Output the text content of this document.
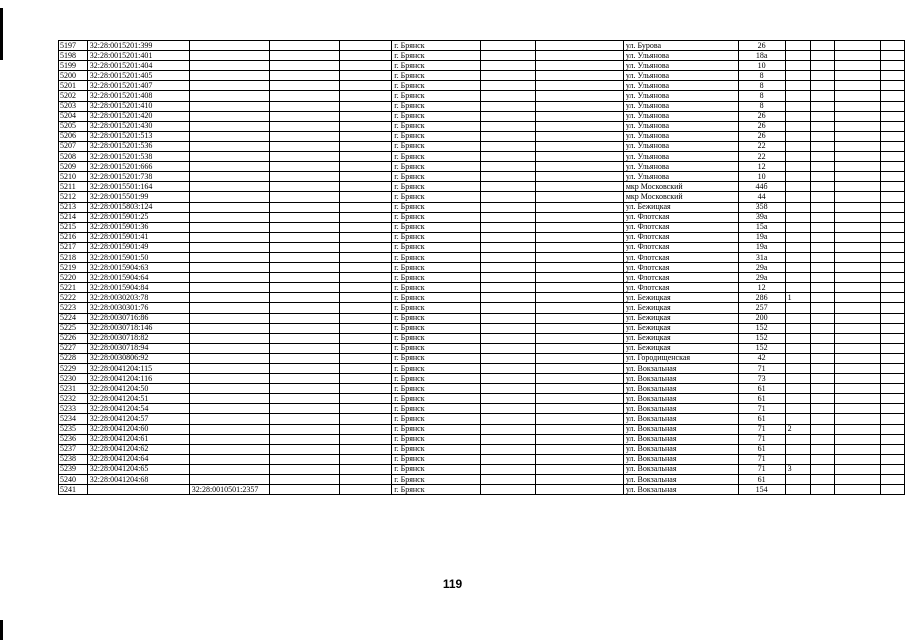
5197	32:28:0015201:399				г. Брянск			ул. Бурова	26				
5198	32:28:0015201:401				г. Брянск			ул. Ульянова	18а				
5199	32:28:0015201:404				г. Брянск			ул. Ульянова	10				
5200	32:28:0015201:405				г. Брянск			ул. Ульянова	8				
5201	32:28:0015201:407				г. Брянск			ул. Ульянова	8				
5202	32:28:0015201:408				г. Брянск			ул. Ульянова	8				
5203	32:28:0015201:410				г. Брянск			ул. Ульянова	8				
5204	32:28:0015201:420				г. Брянск			ул. Ульянова	26				
5205	32:28:0015201:430				г. Брянск			ул. Ульянова	26				
5206	32:28:0015201:513				г. Брянск			ул. Ульянова	26				
5207	32:28:0015201:536				г. Брянск			ул. Ульянова	22				
5208	32:28:0015201:538				г. Брянск			ул. Ульянова	22				
5209	32:28:0015201:666				г. Брянск			ул. Ульянова	12				
5210	32:28:0015201:738				г. Брянск			ул. Ульянова	10				
5211	32:28:0015501:164				г. Брянск			мкр Московский	44б				
5212	32:28:0015501:99				г. Брянск			мкр Московский	44				
5213	32:28:0015803:124				г. Брянск			ул. Бежицкая	358				
5214	32:28:0015901:25				г. Брянск			ул. Флотская	39а				
5215	32:28:0015901:36				г. Брянск			ул. Флотская	15а				
5216	32:28:0015901:41				г. Брянск			ул. Флотская	19а				
5217	32:28:0015901:49				г. Брянск			ул. Флотская	19а				
5218	32:28:0015901:50				г. Брянск			ул. Флотская	31а				
5219	32:28:0015904:63				г. Брянск			ул. Флотская	29а				
5220	32:28:0015904:64				г. Брянск			ул. Флотская	29а				
5221	32:28:0015904:84				г. Брянск			ул. Флотская	12				
5222	32:28:0030203:78				г. Брянск			ул. Бежицкая	286	1			
5223	32:28:0030301:76				г. Брянск			ул. Бежицкая	257				
5224	32:28:0030716:86				г. Брянск			ул. Бежицкая	200				
5225	32:28:0030718:146				г. Брянск			ул. Бежицкая	152				
5226	32:28:0030718:82				г. Брянск			ул. Бежицкая	152				
5227	32:28:0030718:94				г. Брянск			ул. Бежицкая	152				
5228	32:28:0030806:92				г. Брянск			ул. Городищенская	42				
5229	32:28:0041204:115				г. Брянск			ул. Вокзальная	71				
5230	32:28:0041204:116				г. Брянск			ул. Вокзальная	73				
5231	32:28:0041204:50				г. Брянск			ул. Вокзальная	61				
5232	32:28:0041204:51				г. Брянск			ул. Вокзальная	61				
5233	32:28:0041204:54				г. Брянск			ул. Вокзальная	71				
5234	32:28:0041204:57				г. Брянск			ул. Вокзальная	61				
5235	32:28:0041204:60				г. Брянск			ул. Вокзальная	71	2			
5236	32:28:0041204:61				г. Брянск			ул. Вокзальная	71				
5237	32:28:0041204:62				г. Брянск			ул. Вокзальная	61				
5238	32:28:0041204:64				г. Брянск			ул. Вокзальная	71				
5239	32:28:0041204:65				г. Брянск			ул. Вокзальная	71	3			
5240	32:28:0041204:68				г. Брянск			ул. Вокзальная	61				
5241		32:28:0010501:2357			г. Брянск			ул. Вокзальная	154				
119
